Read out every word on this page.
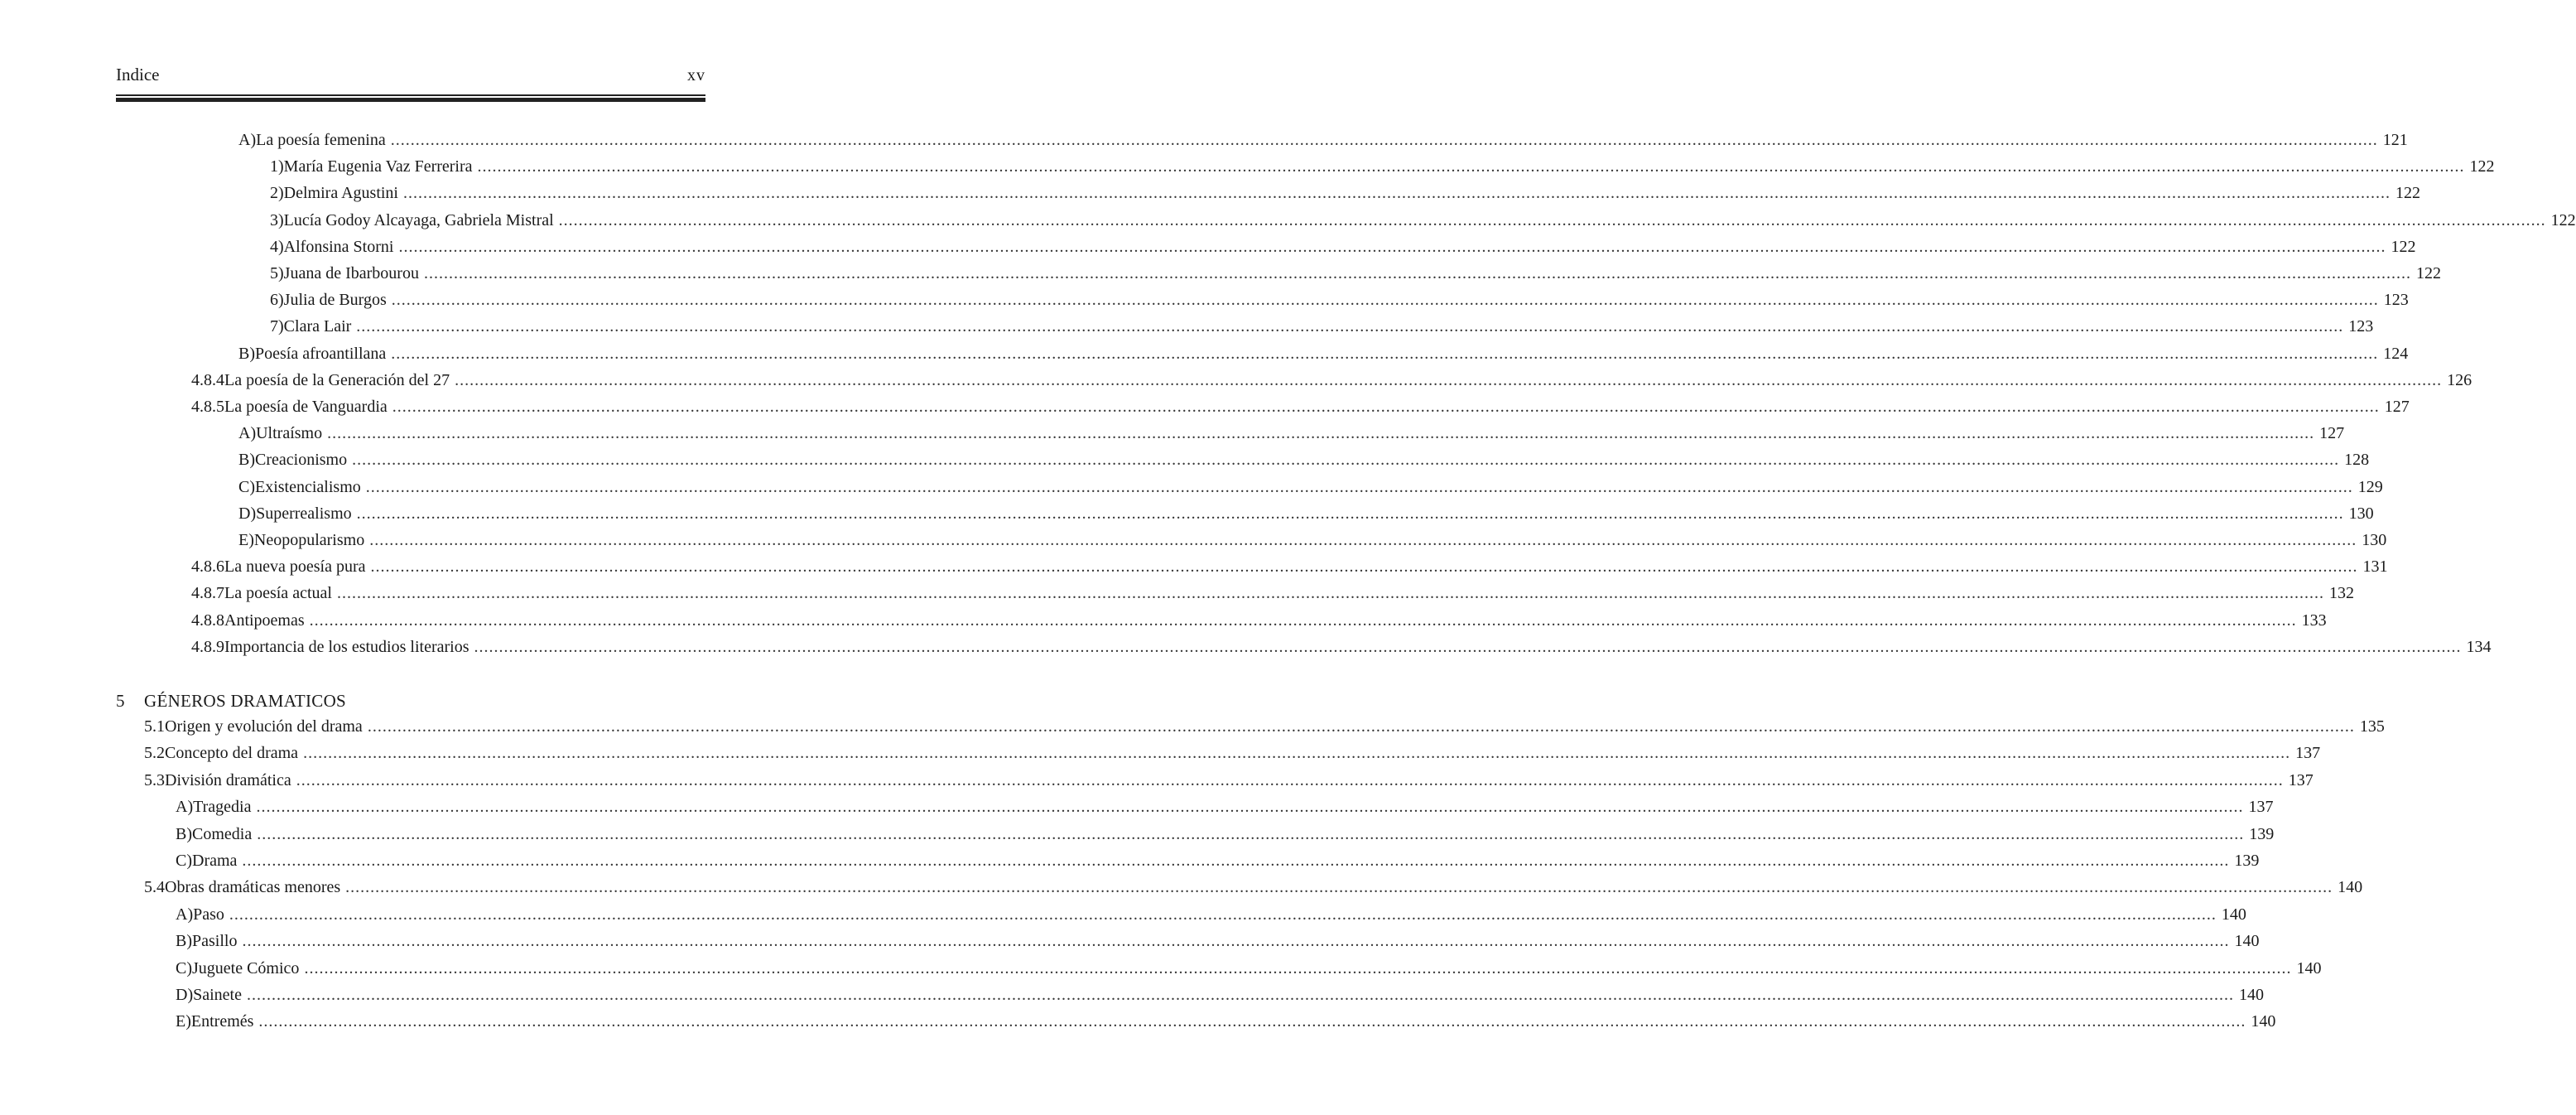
Indice	xv
5 GÉNEROS DRAMATICOS
A) La poesía femenina ................................................................................................................................................................................................................................................................................................................................................................................................................ 121
1) María Eugenia Vaz Ferrerira ................................................................................................................................................................................................................................................................................................................................................................................................................ 122
2) Delmira Agustini ................................................................................................................................................................................................................................................................................................................................................................................................................ 122
3) Lucía Godoy Alcayaga, Gabriela Mistral ................................................................................................................................................................................................................................................................................................................................................................................................................ 122
4) Alfonsina Storni ................................................................................................................................................................................................................................................................................................................................................................................................................ 122
5) Juana de Ibarbourou ................................................................................................................................................................................................................................................................................................................................................................................................................ 122
6) Julia de Burgos ................................................................................................................................................................................................................................................................................................................................................................................................................ 123
7) Clara Lair ................................................................................................................................................................................................................................................................................................................................................................................................................ 123
B) Poesía afroantillana ................................................................................................................................................................................................................................................................................................................................................................................................................ 124
4.8.4 La poesía de la Generación del 27 ................................................................................................................................................................................................................................................................................................................................................................................................................ 126
4.8.5 La poesía de Vanguardia ................................................................................................................................................................................................................................................................................................................................................................................................................ 127
A) Ultraísmo ................................................................................................................................................................................................................................................................................................................................................................................................................ 127
B) Creacionismo ................................................................................................................................................................................................................................................................................................................................................................................................................ 128
C) Existencialismo ................................................................................................................................................................................................................................................................................................................................................................................................................ 129
D) Superrealismo ................................................................................................................................................................................................................................................................................................................................................................................................................ 130
E) Neopopularismo ................................................................................................................................................................................................................................................................................................................................................................................................................ 130
4.8.6 La nueva poesía pura ................................................................................................................................................................................................................................................................................................................................................................................................................ 131
4.8.7 La poesía actual ................................................................................................................................................................................................................................................................................................................................................................................................................ 132
4.8.8 Antipoemas ................................................................................................................................................................................................................................................................................................................................................................................................................ 133
4.8.9 Importancia de los estudios literarios ................................................................................................................................................................................................................................................................................................................................................................................................................ 134
5.1 Origen y evolución del drama ................................................................................................................................................................................................................................................................................................................................................................................................................ 135
5.2 Concepto del drama ................................................................................................................................................................................................................................................................................................................................................................................................................ 137
5.3 División dramática ................................................................................................................................................................................................................................................................................................................................................................................................................ 137
A) Tragedia ................................................................................................................................................................................................................................................................................................................................................................................................................ 137
B) Comedia ................................................................................................................................................................................................................................................................................................................................................................................................................ 139
C) Drama ................................................................................................................................................................................................................................................................................................................................................................................................................ 139
5.4 Obras dramáticas menores ................................................................................................................................................................................................................................................................................................................................................................................................................ 140
A) Paso ................................................................................................................................................................................................................................................................................................................................................................................................................ 140
B) Pasillo ................................................................................................................................................................................................................................................................................................................................................................................................................ 140
C) Juguete Cómico ................................................................................................................................................................................................................................................................................................................................................................................................................ 140
D) Sainete ................................................................................................................................................................................................................................................................................................................................................................................................................ 140
E) Entremés ................................................................................................................................................................................................................................................................................................................................................................................................................ 140
